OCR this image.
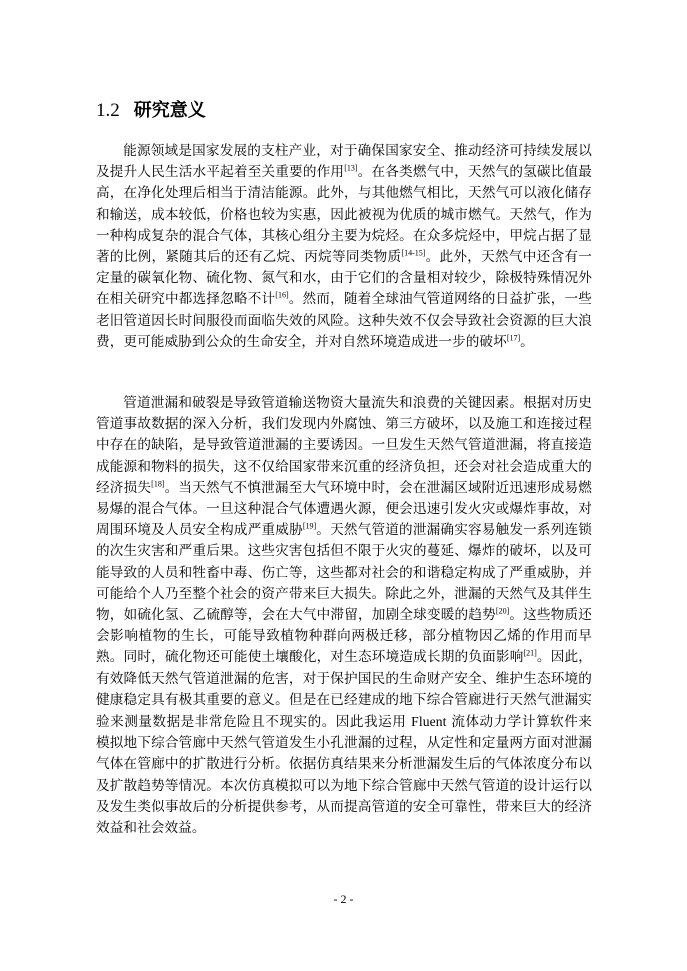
1.2 研究意义

能源领域是国家发展的支柱产业，对于确保国家安全、推动经济可持续发展以及提升人民生活水平起着至关重要的作用[13]。在各类燃气中，天然气的氢碳比值最高，在净化处理后相当于清洁能源。此外，与其他燃气相比，天然气可以液化储存和输送，成本较低，价格也较为实惠，因此被视为优质的城市燃气。天然气，作为一种构成复杂的混合气体，其核心组分主要为烷烃。在众多烷烃中，甲烷占据了显著的比例，紧随其后的还有乙烷、丙烷等同类物质[14-15]。此外，天然气中还含有一定量的碳氧化物、硫化物、氮气和水，由于它们的含量相对较少，除极特殊情况外在相关研究中都选择忽略不计[16]。然而，随着全球油气管道网络的日益扩张，一些老旧管道因长时间服役而面临失效的风险。这种失效不仅会导致社会资源的巨大浪费，更可能威胁到公众的生命安全，并对自然环境造成进一步的破坏[17]。

管道泄漏和破裂是导致管道输送物资大量流失和浪费的关键因素。根据对历史管道事故数据的深入分析，我们发现内外腐蚀、第三方破坏，以及施工和连接过程中存在的缺陷，是导致管道泄漏的主要诱因。一旦发生天然气管道泄漏，将直接造成能源和物料的损失，这不仅给国家带来沉重的经济负担，还会对社会造成重大的经济损失[18]。当天然气不慎泄漏至大气环境中时，会在泄漏区域附近迅速形成易燃易爆的混合气体。一旦这种混合气体遭遇火源，便会迅速引发火灾或爆炸事故，对周围环境及人员安全构成严重威胁[19]。天然气管道的泄漏确实容易触发一系列连锁的次生灾害和严重后果。这些灾害包括但不限于火灾的蔓延、爆炸的破坏，以及可能导致的人员和牲畜中毒、伤亡等，这些都对社会的和谐稳定构成了严重威胁，并可能给个人乃至整个社会的资产带来巨大损失。除此之外，泄漏的天然气及其伴生物，如硫化氢、乙硫醇等，会在大气中滞留，加剧全球变暖的趋势[20]。这些物质还会影响植物的生长，可能导致植物种群向两极迁移，部分植物因乙烯的作用而早熟。同时，硫化物还可能使土壤酸化，对生态环境造成长期的负面影响[21]。因此，有效降低天然气管道泄漏的危害，对于保护国民的生命财产安全、维护生态环境的健康稳定具有极其重要的意义。但是在已经建成的地下综合管廊进行天然气泄漏实验来测量数据是非常危险且不现实的。因此我运用 Fluent 流体动力学计算软件来模拟地下综合管廊中天然气管道发生小孔泄漏的过程，从定性和定量两方面对泄漏气体在管廊中的扩散进行分析。依据仿真结果来分析泄漏发生后的气体浓度分布以及扩散趋势等情况。本次仿真模拟可以为地下综合管廊中天然气管道的设计运行以及发生类似事故后的分析提供参考，从而提高管道的安全可靠性，带来巨大的经济效益和社会效益。

- 2 -
